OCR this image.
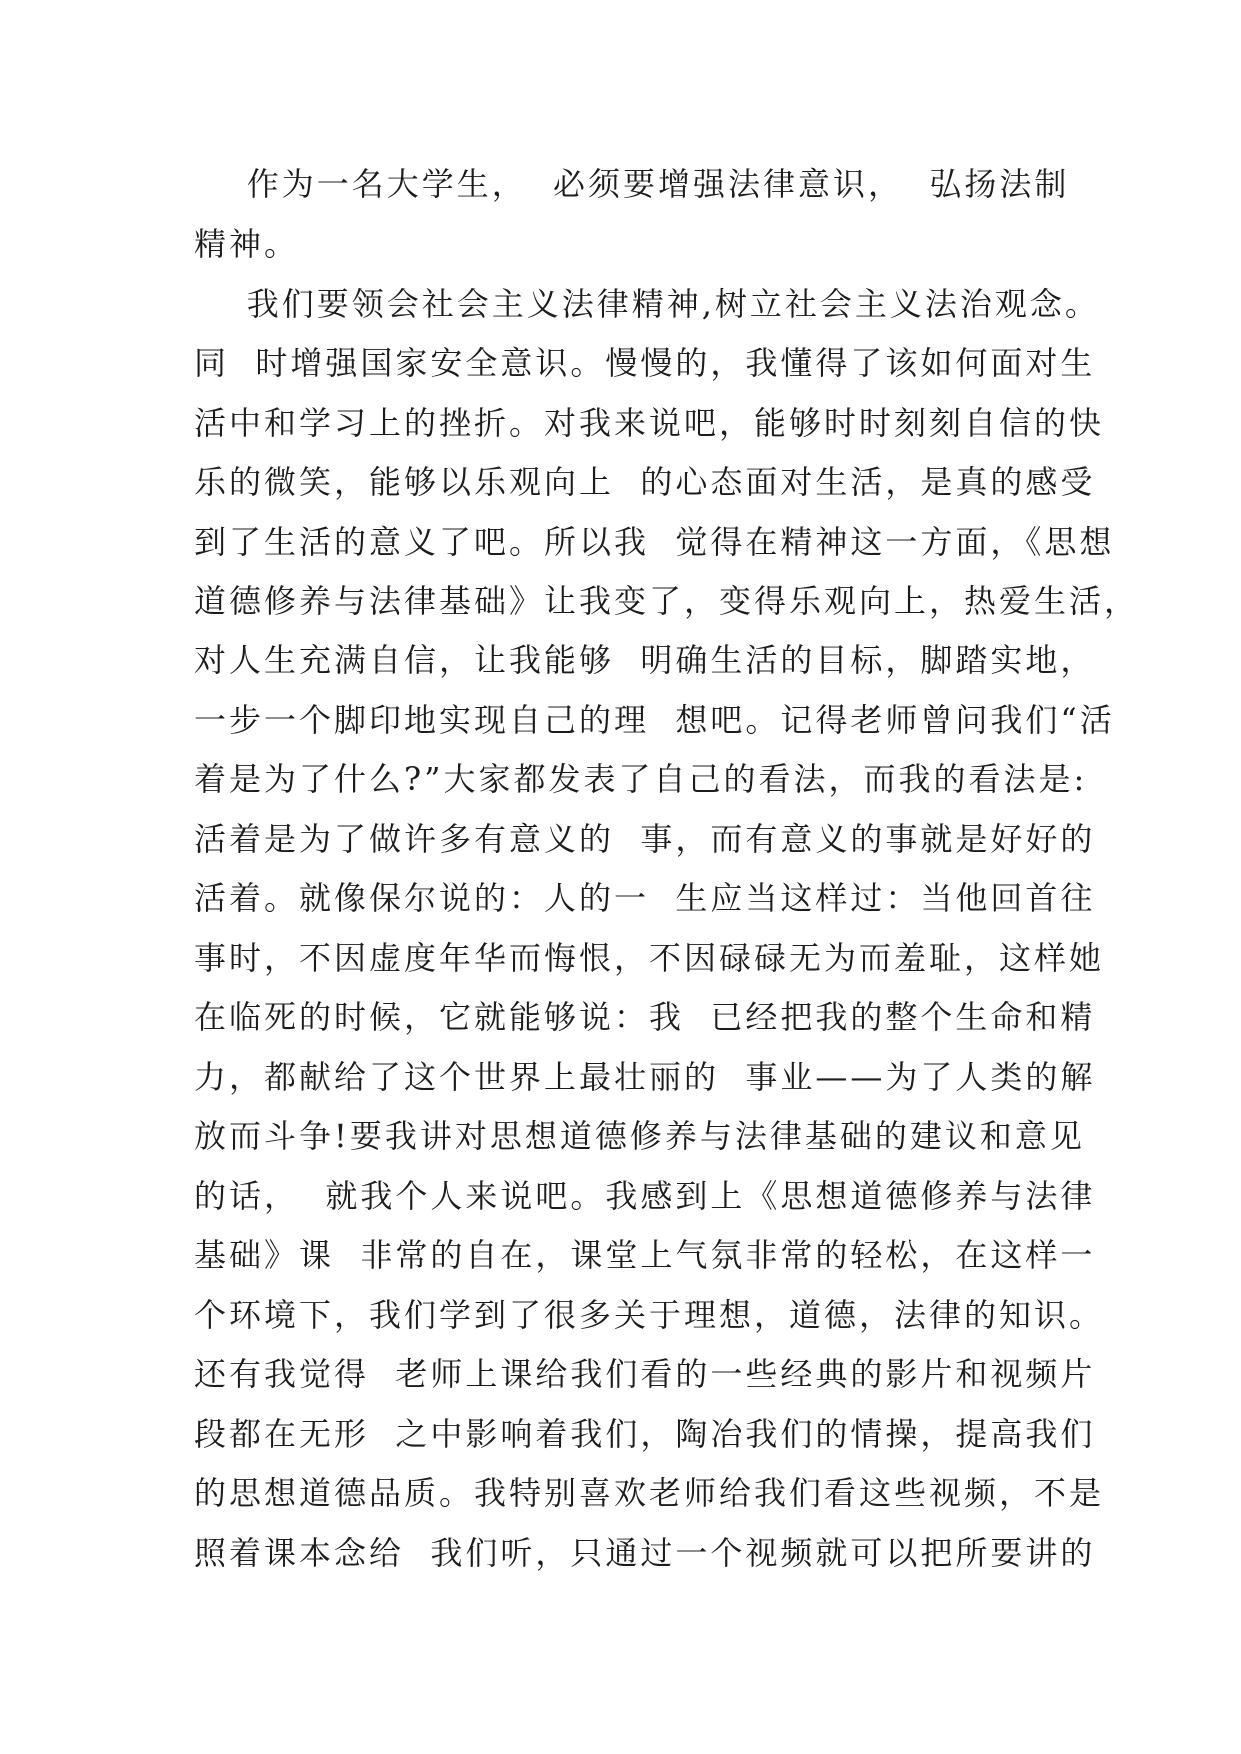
作为一名大学生，  必须要增强法律意识，  弘扬法制

精神。

我们要领会社会主义法律精神,树立社会主义法治观念。

同  时增强国家安全意识。慢慢的，我懂得了该如何面对生

活中和学习上的挫折。对我来说吧，能够时时刻刻自信的快

乐的微笑，能够以乐观向上  的心态面对生活，是真的感受

到了生活的意义了吧。所以我  觉得在精神这一方面，《思想

道德修养与法律基础》让我变了，变得乐观向上，热爱生活，

对人生充满自信，让我能够  明确生活的目标，脚踏实地，

一步一个脚印地实现自己的理  想吧。记得老师曾问我们“活

着是为了什么?”大家都发表了自己的看法，而我的看法是:

活着是为了做许多有意义的  事，而有意义的事就是好好的

活着。就像保尔说的：人的一  生应当这样过：当他回首往

事时，不因虚度年华而悔恨，不因碌碌无为而羞耻，这样她

在临死的时候，它就能够说：我  已经把我的整个生命和精

力，都献给了这个世界上最壮丽的  事业——为了人类的解

放而斗争!要我讲对思想道德修养与法律基础的建议和意见

的话，  就我个人来说吧。我感到上《思想道德修养与法律

基础》课  非常的自在，课堂上气氛非常的轻松，在这样一

个环境下，我们学到了很多关于理想，道德，法律的知识。

还有我觉得  老师上课给我们看的一些经典的影片和视频片

段都在无形  之中影响着我们，陶冶我们的情操，提高我们

的思想道德品质。我特别喜欢老师给我们看这些视频，不是

照着课本念给  我们听，只通过一个视频就可以把所要讲的
